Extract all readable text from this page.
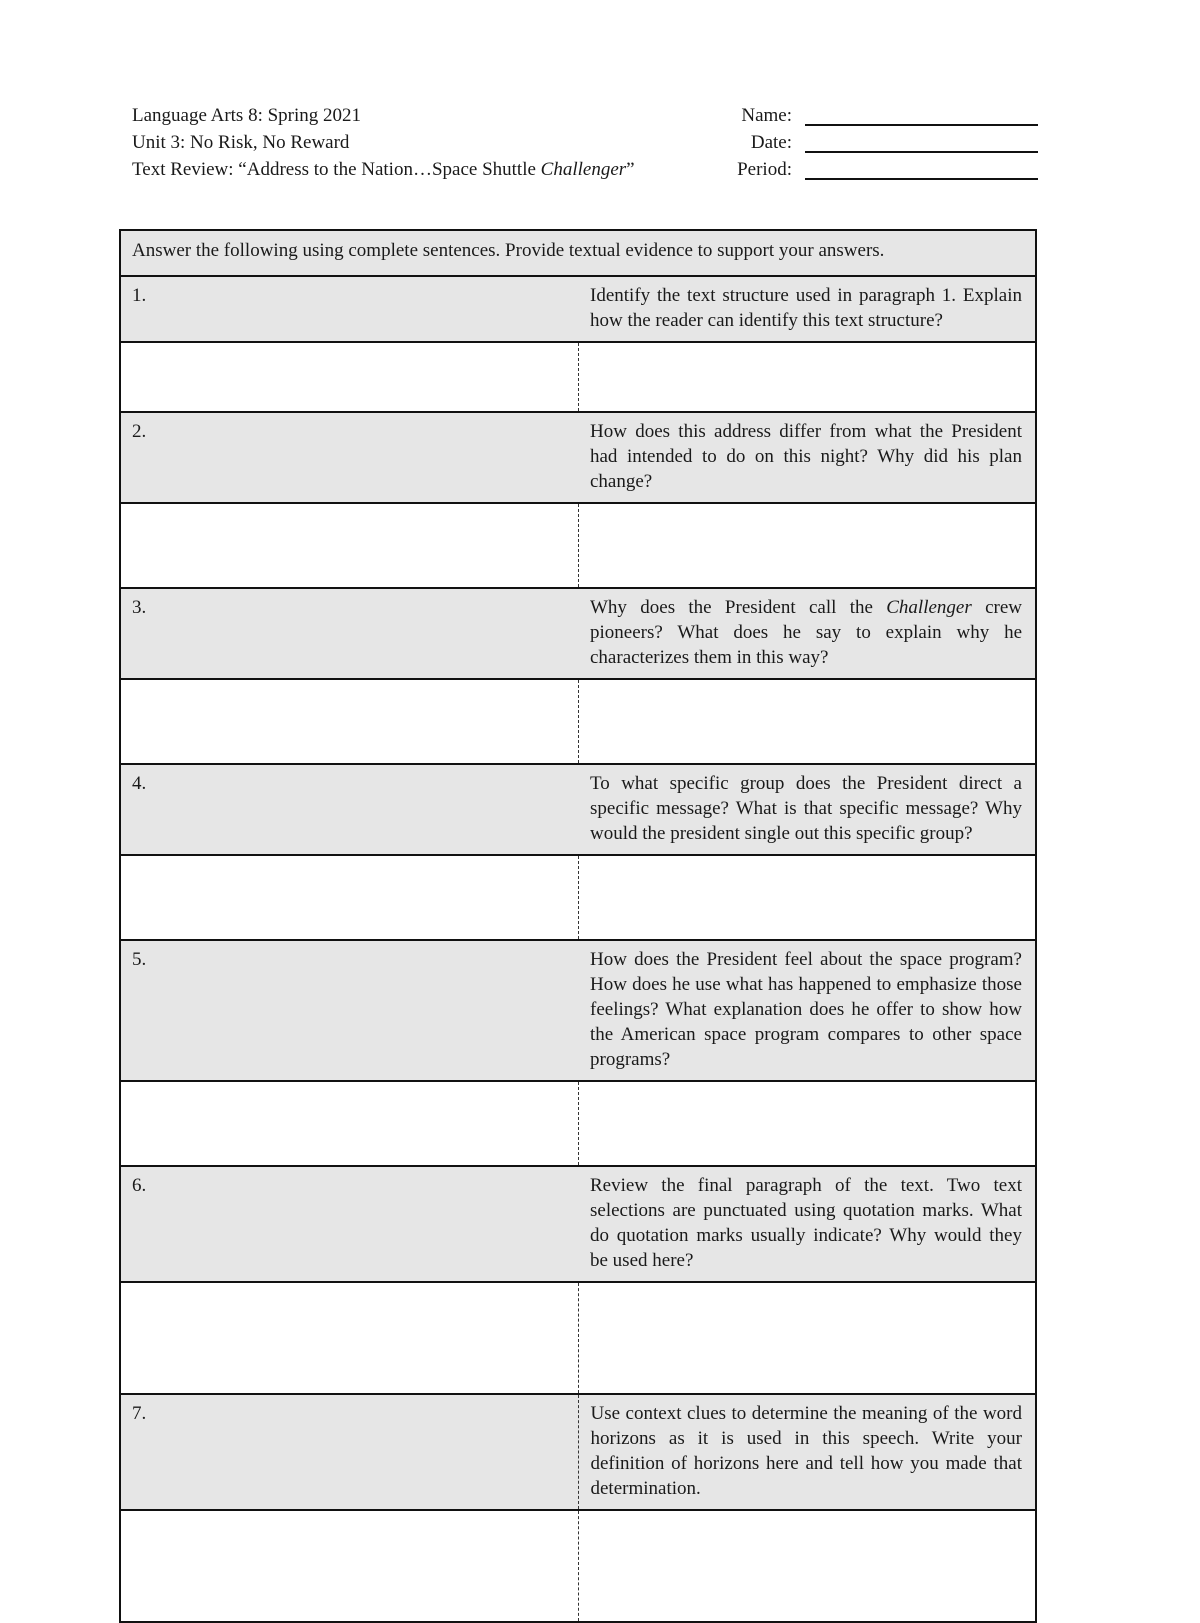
Language Arts 8: Spring 2021	Name:
Unit 3: No Risk, No Reward	Date:
Text Review: “Address to the Nation…Space Shuttle Challenger”	Period:
Answer the following using complete sentences. Provide textual evidence to support your answers.	
1.	Identify the text structure used in paragraph 1. Explain how the reader can identify this text structure?

2.	How does this address differ from what the President had intended to do on this night? Why did his plan change?

3.	Why does the President call the Challenger crew pioneers? What does he say to explain why he characterizes them in this way?

4.	To what specific group does the President direct a specific message? What is that specific message? Why would the president single out this specific group?

5.	How does the President feel about the space program? How does he use what has happened to emphasize those feelings? What explanation does he offer to show how the American space program compares to other space programs?

6.	Review the final paragraph of the text. Two text selections are punctuated using quotation marks. What do quotation marks usually indicate? Why would they be used here?

7.	Use context clues to determine the meaning of the word horizons as it is used in this speech. Write your definition of horizons here and tell how you made that determination.
